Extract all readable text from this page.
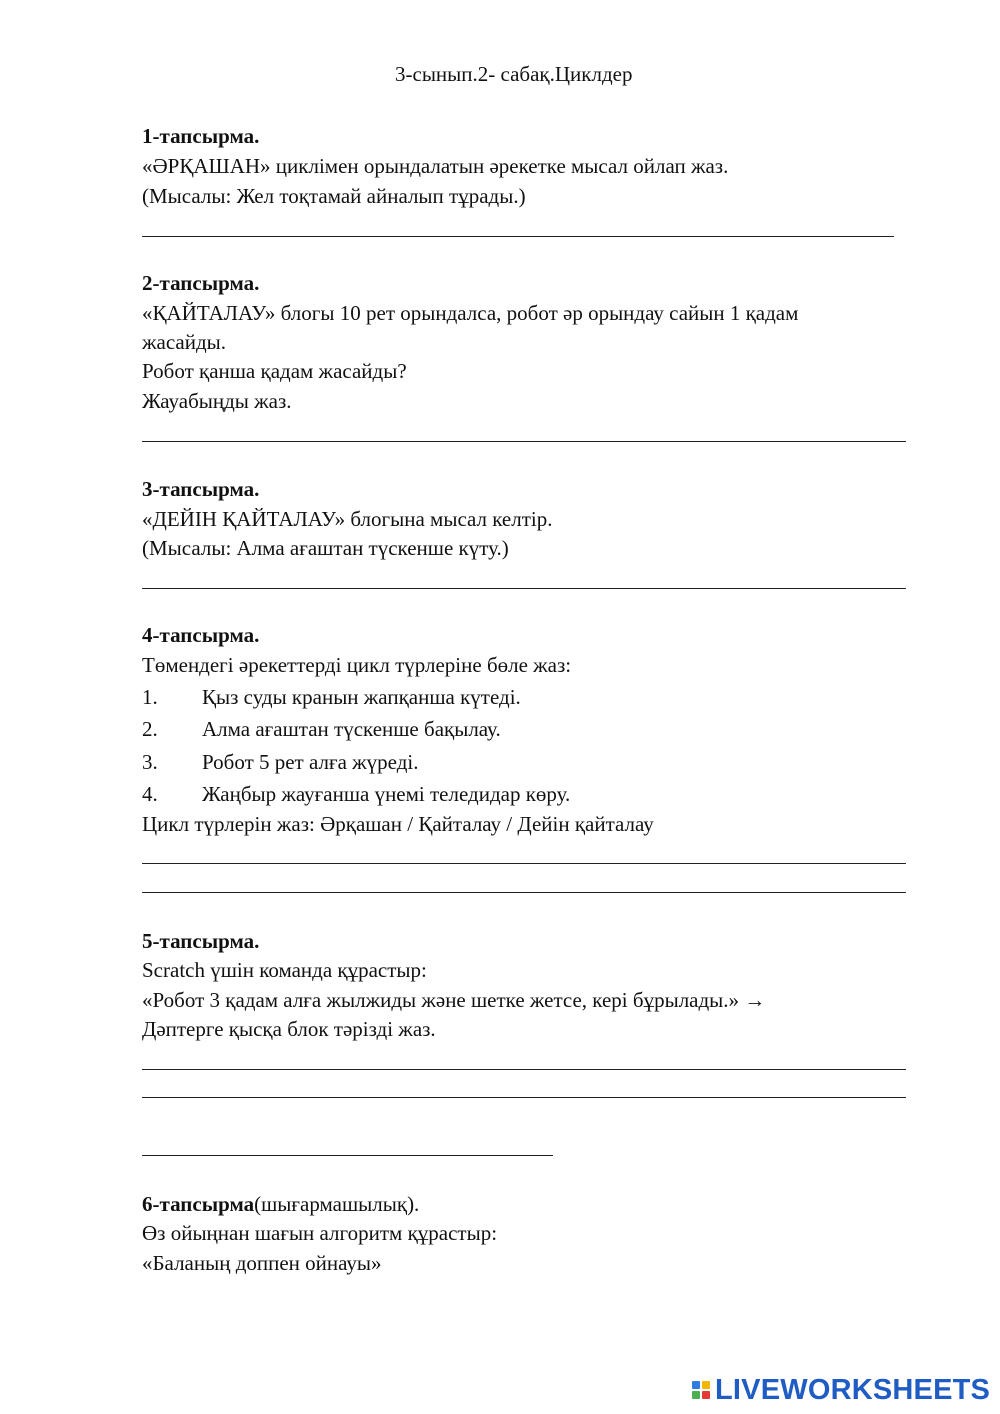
3-сынып.2- сабақ.Циклдер

1-тапсырма.

«ӘРҚАШАН» циклімен орындалатын әрекетке мысал ойлап жаз.

(Мысалы: Жел тоқтамай айналып тұрады.)

2-тапсырма.

«ҚАЙТАЛАУ» блогы 10 рет орындалса, робот әр орындау сайын 1 қадам

жасайды.

Робот қанша қадам жасайды?

Жауабыңды жаз.

3-тапсырма.

«ДЕЙІН ҚАЙТАЛАУ» блогына мысал келтір.

(Мысалы: Алма ағаштан түскенше күту.)

4-тапсырма.

Төмендегі әрекеттерді цикл түрлеріне бөле жаз:

1. Қыз суды кранын жапқанша күтеді.

2. Алма ағаштан түскенше бақылау.

3. Робот 5 рет алға жүреді.

4. Жаңбыр жауғанша үнемі теледидар көру.

Цикл түрлерін жаз: Әрқашан / Қайталау / Дейін қайталау

5-тапсырма.

Scratch үшін команда құрастыр:

«Робот 3 қадам алға жылжиды және шетке жетсе, кері бұрылады.» →

Дәптерге қысқа блок тәрізді жаз.

6-тапсырма(шығармашылық).

Өз ойыңнан шағын алгоритм құрастыр:

«Баланың доппен ойнауы»

LIVEWORKSHEETS
